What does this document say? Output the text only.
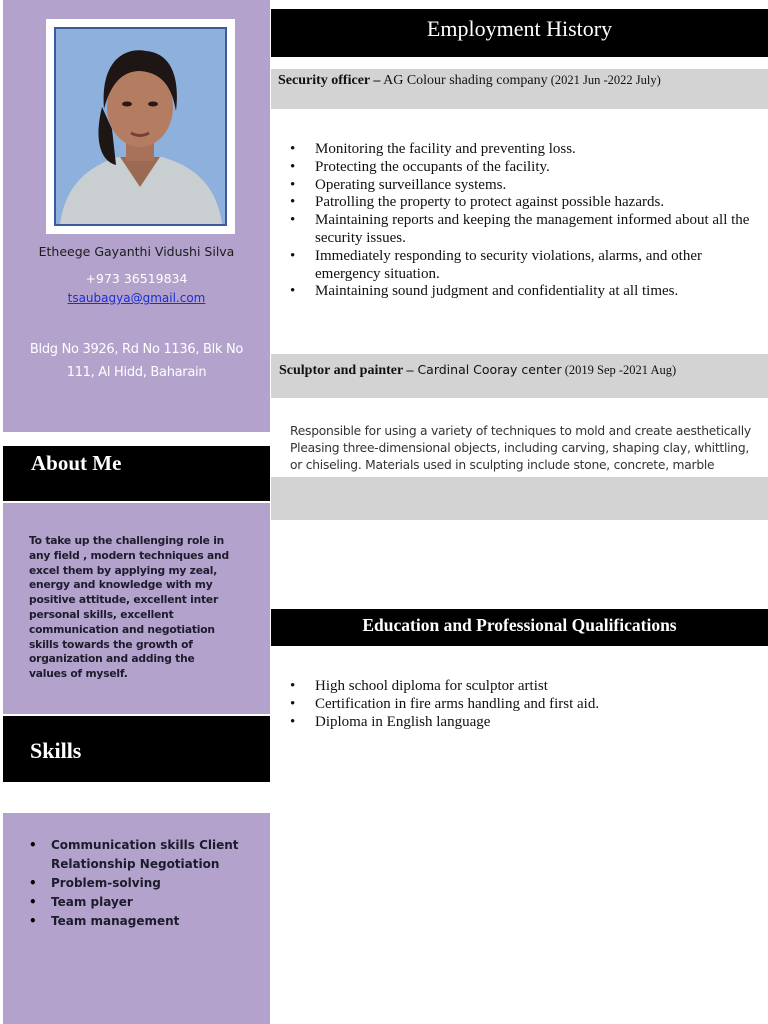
Etheege Gayanthi Vidushi Silva
+973 36519834
tsaubagya@gmail.com
Bldg No 3926, Rd No 1136, Blk No 111, Al Hidd, Baharain
About Me
To take up the challenging role in any field , modern techniques and excel them by applying my zeal, energy and knowledge with my positive attitude, excellent inter personal skills, excellent communication and negotiation skills towards the growth of organization and adding the values of myself.
Skills
• Communication skills Client Relationship Negotiation
• Problem-solving
• Team player
• Team management
Employment History
Security officer – AG Colour shading company (2021 Jun -2022 July)
• Monitoring the facility and preventing loss.
• Protecting the occupants of the facility.
• Operating surveillance systems.
• Patrolling the property to protect against possible hazards.
• Maintaining reports and keeping the management informed about all the security issues.
• Immediately responding to security violations, alarms, and other emergency situation.
• Maintaining sound judgment and confidentiality at all times.
Sculptor and painter – Cardinal Cooray center (2019 Sep -2021 Aug)
Responsible for using a variety of techniques to mold and create aesthetically Pleasing three-dimensional objects, including carving, shaping clay, whittling, or chiseling. Materials used in sculpting include stone, concrete, marble
Education and Professional Qualifications
• High school diploma for sculptor artist
• Certification in fire arms handling and first aid.
• Diploma in English language
